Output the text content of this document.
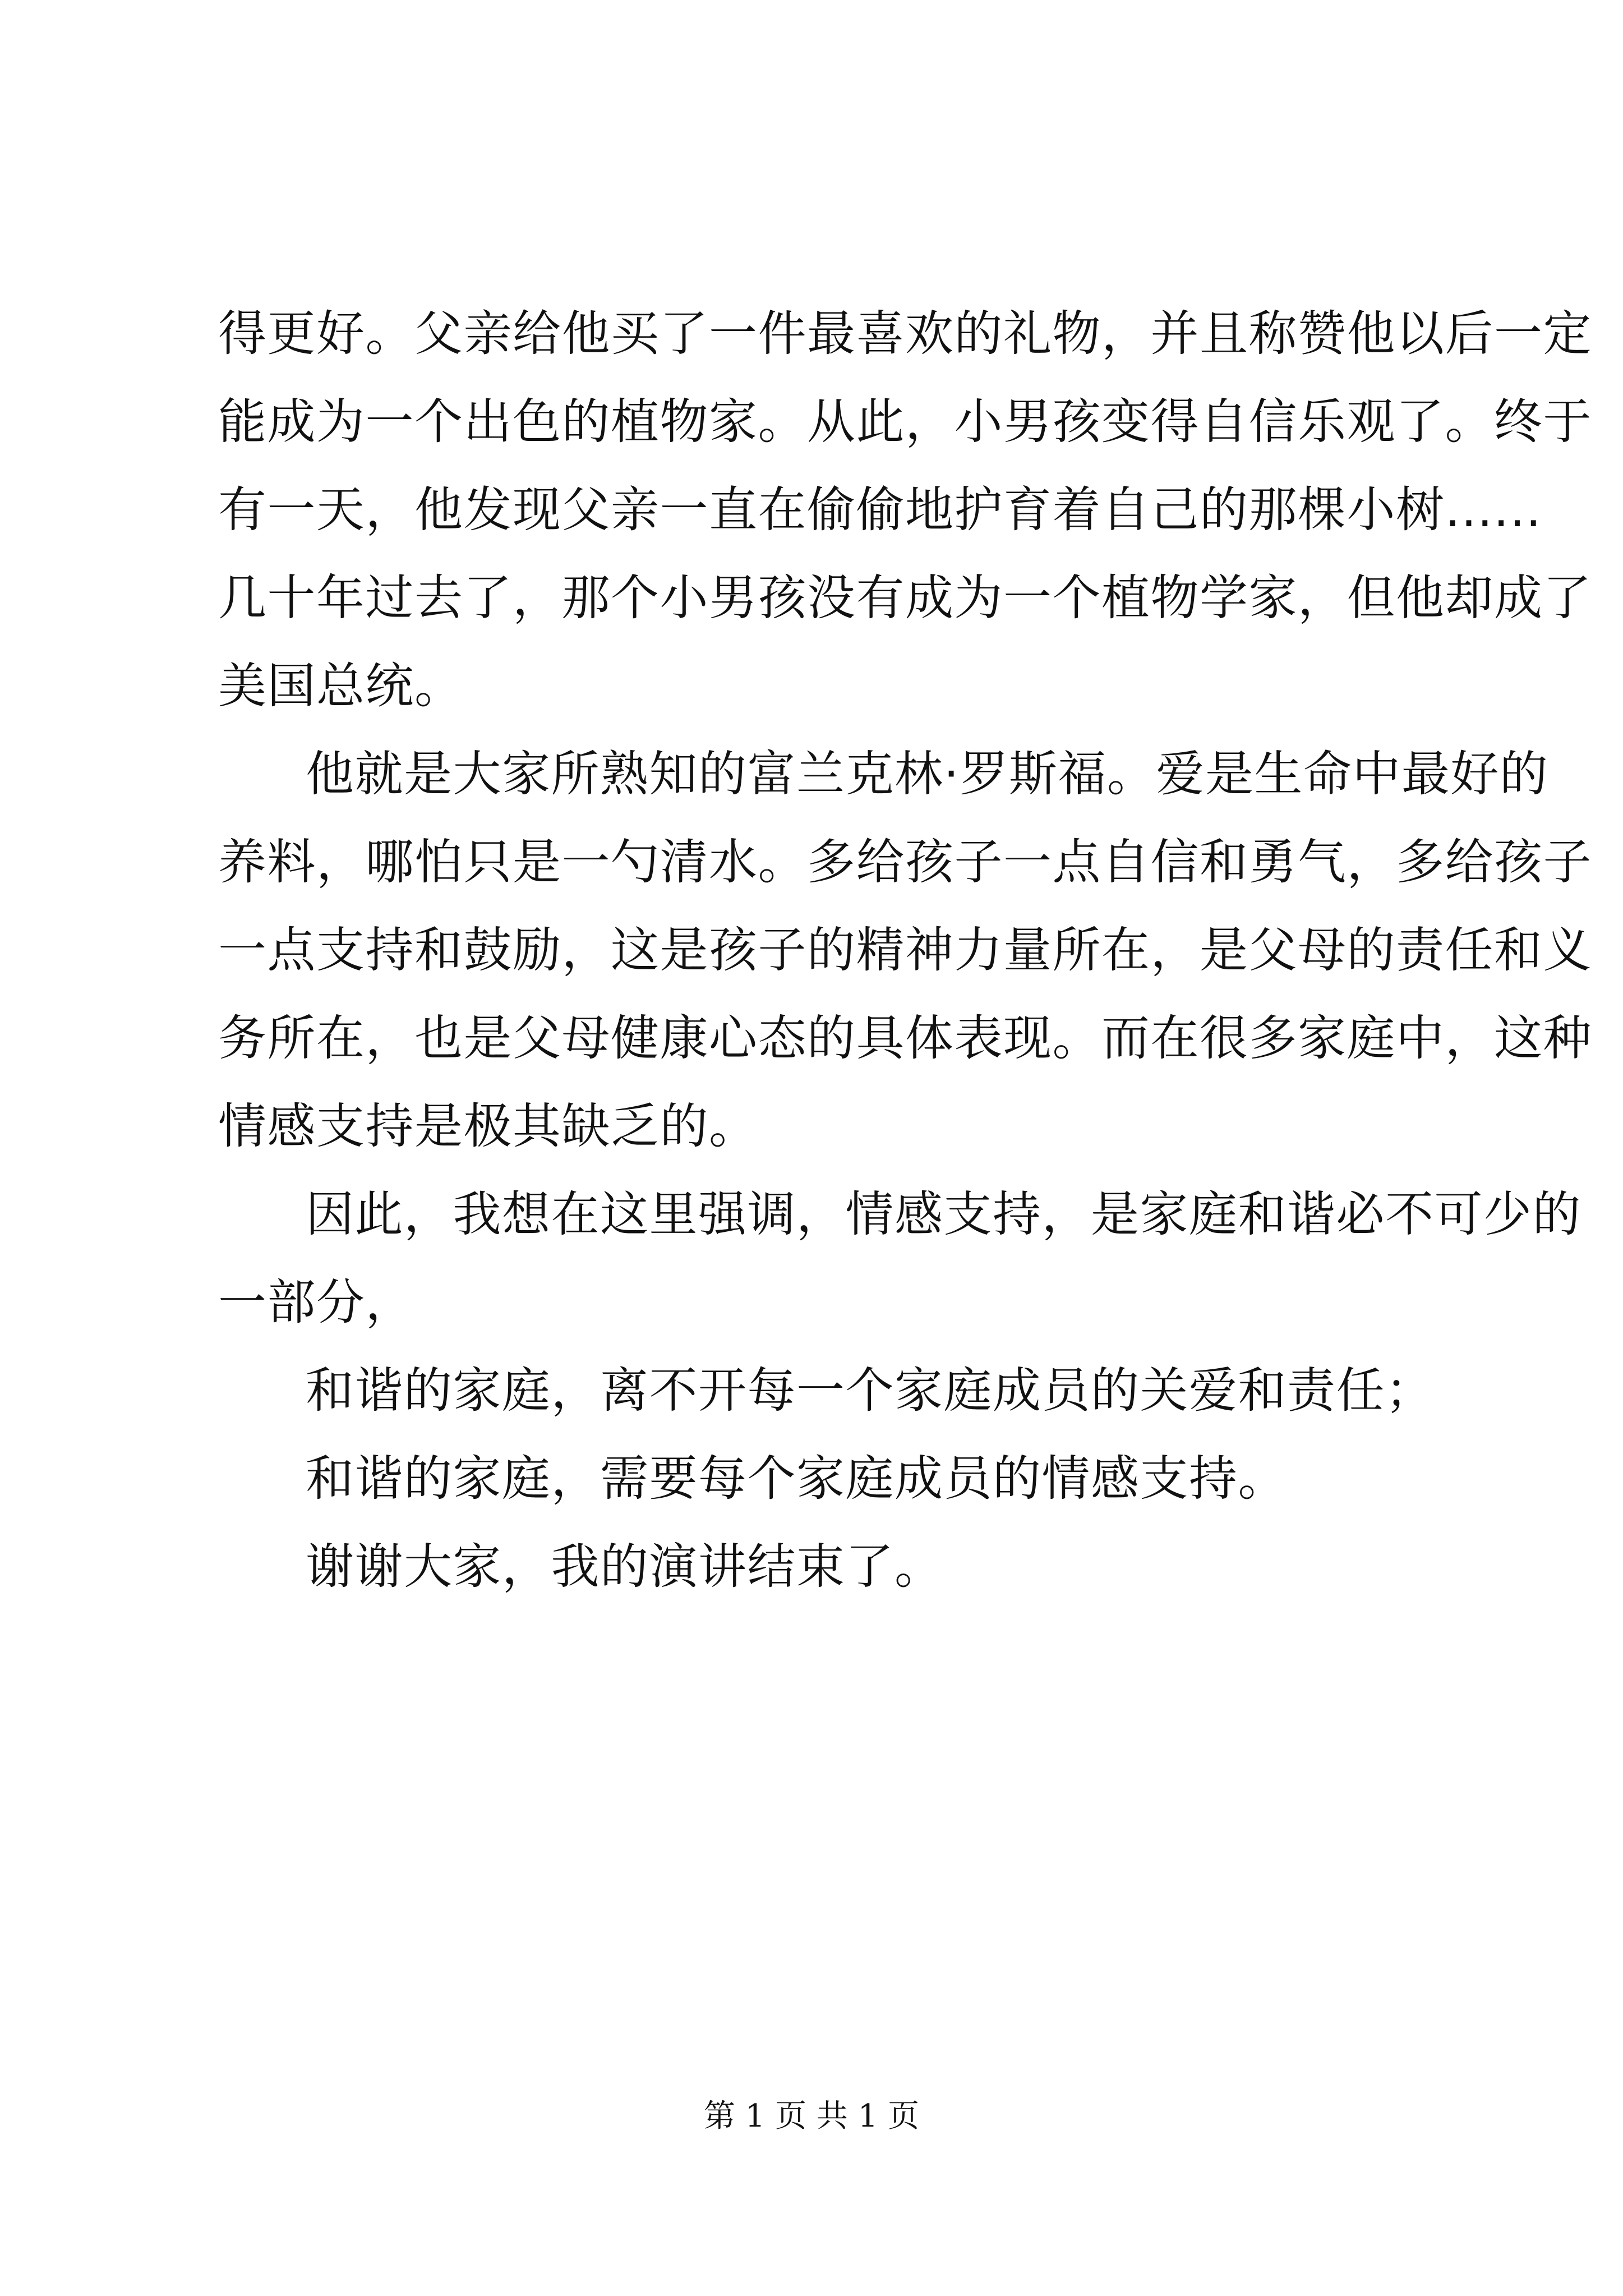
得更好。父亲给他买了一件最喜欢的礼物，并且称赞他以后一定
能成为一个出色的植物家。从此，小男孩变得自信乐观了。终于
有一天，他发现父亲一直在偷偷地护育着自己的那棵小树......
几十年过去了，那个小男孩没有成为一个植物学家，但他却成了
美国总统。
他就是大家所熟知的富兰克林·罗斯福。爱是生命中最好的
养料，哪怕只是一勺清水。多给孩子一点自信和勇气，多给孩子
一点支持和鼓励，这是孩子的精神力量所在，是父母的责任和义
务所在，也是父母健康心态的具体表现。而在很多家庭中，这种
情感支持是极其缺乏的。
因此，我想在这里强调，情感支持，是家庭和谐必不可少的
一部分，
和谐的家庭，离不开每一个家庭成员的关爱和责任；
和谐的家庭，需要每个家庭成员的情感支持。
谢谢大家，我的演讲结束了。
第 1 页 共 1 页
